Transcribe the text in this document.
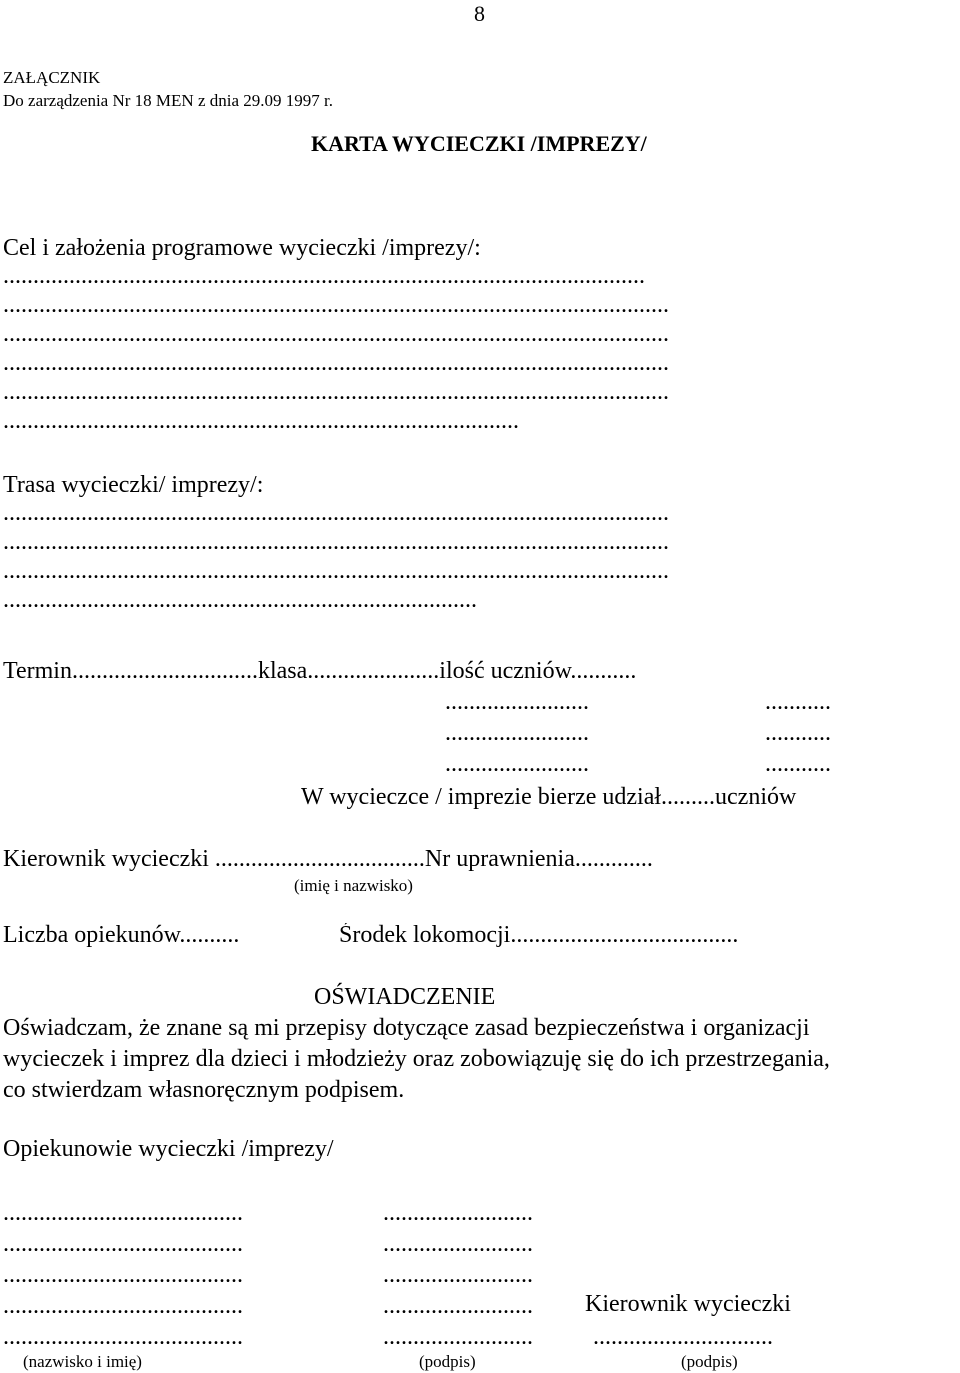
8
ZAŁĄCZNIK
Do zarządzenia Nr 18 MEN z dnia 29.09 1997 r.
KARTA WYCIECZKI /IMPREZY/
Cel i założenia programowe wycieczki /imprezy/:
...........................................................................................................
...............................................................................................................
...............................................................................................................
...............................................................................................................
...............................................................................................................
......................................................................................
Trasa wycieczki/ imprezy/:
...............................................................................................................
...............................................................................................................
...............................................................................................................
...............................................................................
Termin...............................klasa......................ilość uczniów...........
........................	...........
........................	...........
........................	...........
W wycieczce / imprezie bierze udział.........uczniów
Kierownik wycieczki ...................................Nr uprawnienia.............
(imię i nazwisko)
Liczba opiekunów..........	Środek lokomocji......................................
OŚWIADCZENIE
Oświadczam, że znane są mi przepisy dotyczące zasad bezpieczeństwa i organizacji
wycieczek i imprez dla dzieci i młodzieży oraz zobowiązuję się do ich przestrzegania,
co stwierdzam własnoręcznym podpisem.
Opiekunowie wycieczki /imprezy/
........................................	.........................
........................................	.........................
........................................	.........................
........................................	......................... Kierownik wycieczki
........................................	.........................	..............................
(nazwisko i imię)	(podpis)	(podpis)
